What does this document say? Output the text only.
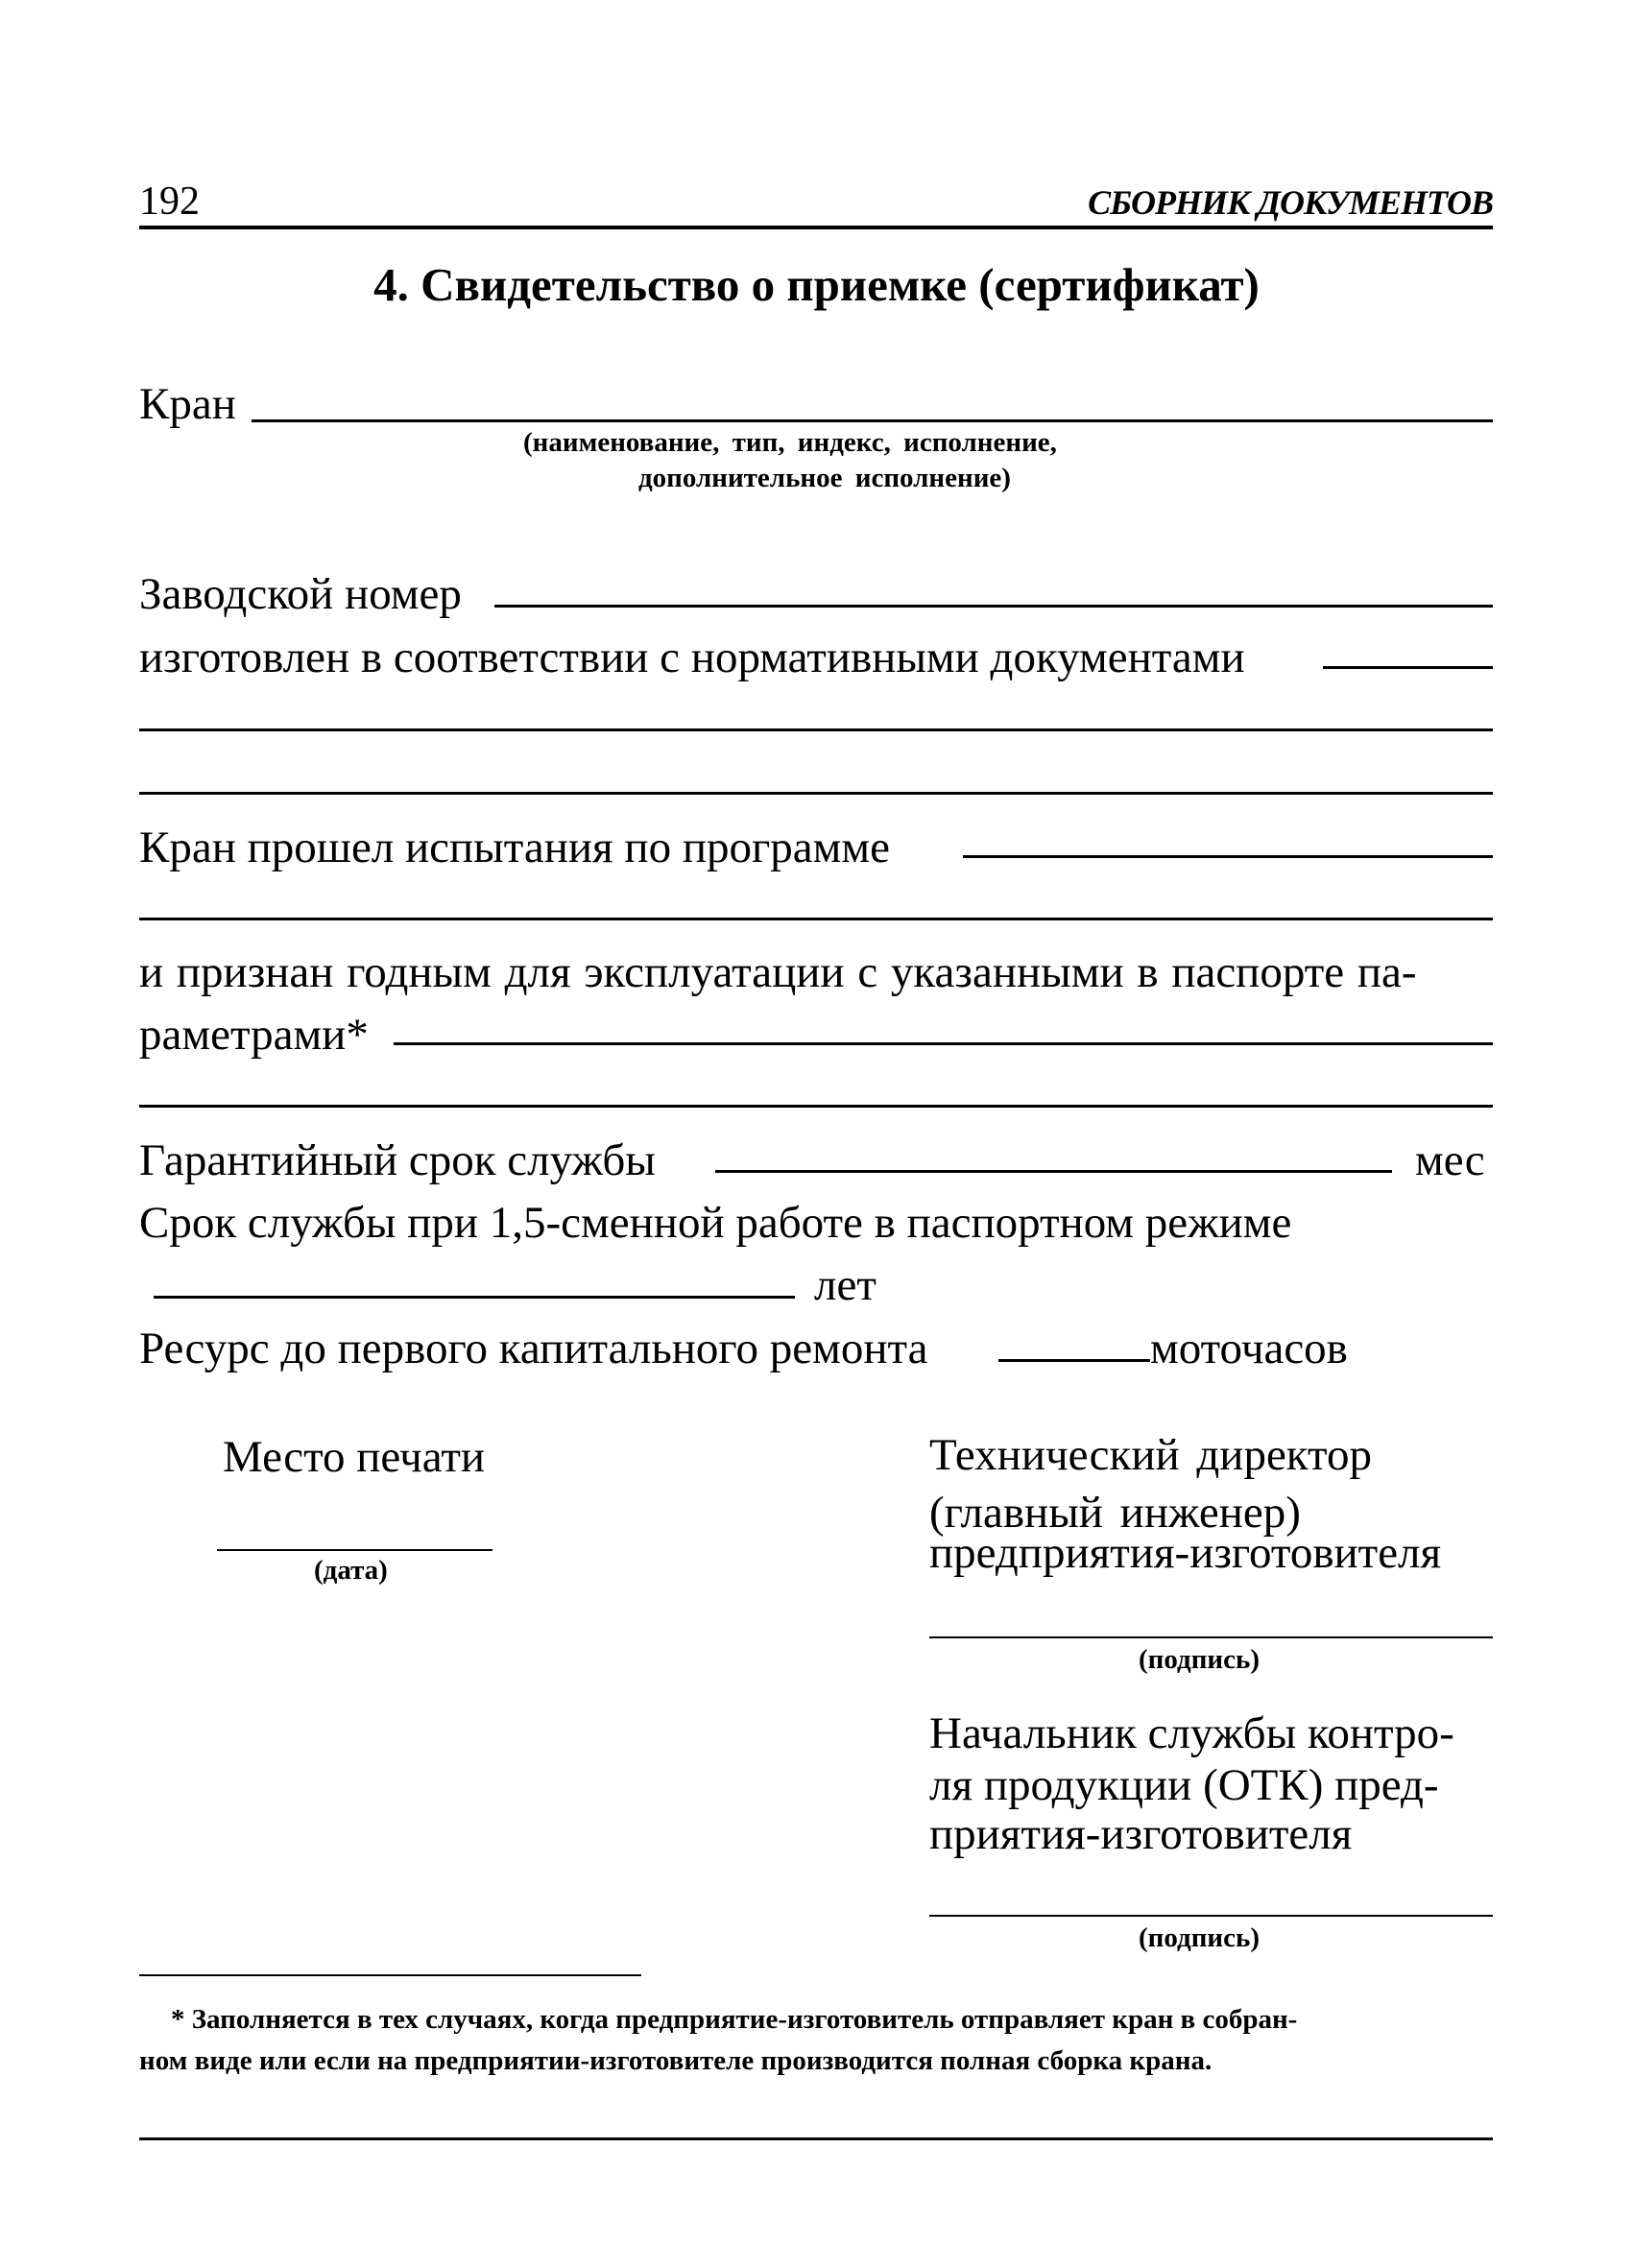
192	СБОРНИК ДОКУМЕНТОВ
4. Свидетельство о приемке (сертификат)
Кран
(наименование, тип, индекс, исполнение,
дополнительное исполнение)
Заводской номер
изготовлен в соответствии с нормативными документами
Кран прошел испытания по программе
и признан годным для эксплуатации с указанными в паспорте па-
раметрами*
Гарантийный срок службы	мес
Срок службы при 1,5-сменной работе в паспортном режиме
лет
Ресурс до первого капитального ремонта	моточасов
Место печати
(дата)
Технический директор
(главный инженер)
предприятия-изготовителя
(подпись)
Начальник службы контро-
ля продукции (ОТК) пред-
приятия-изготовителя
(подпись)
* Заполняется в тех случаях, когда предприятие-изготовитель отправляет кран в собран-
ном виде или если на предприятии-изготовителе производится полная сборка крана.
